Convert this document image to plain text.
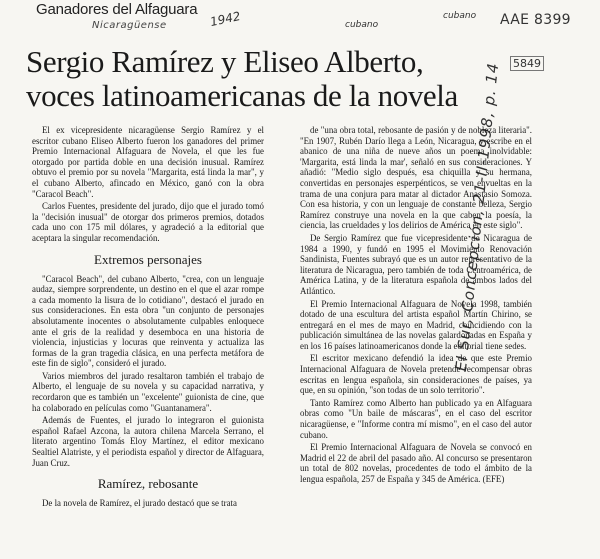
Ganadores del Alfaguara
Nicaragüense	1942	cubano
cubano AAE 8399
5849
El Sur, Concepción, 21-II-1998, p. 14
Sergio Ramírez y Eliseo Alberto,
voces latinoamericanas de la novela

El ex vicepresidente nicaragüense Sergio Ramírez y el escritor cubano Eliseo Alberto fueron los ganadores del primer Premio Internacional Alfaguara de Novela, el que les fue otorgado por partida doble en una decisión inusual. Ramírez obtuvo el premio por su novela "Margarita, está linda la mar", y el cubano Alberto, afincado en México, ganó con la obra "Caracol Beach".

Carlos Fuentes, presidente del jurado, dijo que el jurado tomó la "decisión inusual" de otorgar dos primeros premios, dotados cada uno con 175 mil dólares, y agradeció a la editorial que aceptara la singular recomendación.

Extremos personajes

"Caracol Beach", del cubano Alberto, "crea, con un lenguaje audaz, siempre sorprendente, un destino en el que el azar rompe a cada momento la lisura de lo cotidiano", destacó el jurado en sus consideraciones. En esta obra "un conjunto de personajes absolutamente inocentes o absolutamente culpables enloquece ante el gris de la realidad y desemboca en una historia de violencia, injusticias y locuras que reinventa y actualiza las formas de la gran tragedia clásica, en una perfecta metáfora de este fin de siglo", consideró el jurado.

Varios miembros del jurado resaltaron también el trabajo de Alberto, el lenguaje de su novela y su capacidad narrativa, y recordaron que es también un "excelente" guionista de cine, que ha colaborado en películas como "Guantanamera".

Además de Fuentes, el jurado lo integraron el guionista español Rafael Azcona, la autora chilena Marcela Serrano, el literato argentino Tomás Eloy Martínez, el editor mexicano Sealtiel Alatriste, y el periodista español y director de Alfaguara, Juan Cruz.

Ramírez, rebosante

De la novela de Ramírez, el jurado destacó que se trata

de "una obra total, rebosante de pasión y de nobleza literaria". "En 1907, Rubén Darío llega a León, Nicaragua, y escribe en el abanico de una niña de nueve años un poema inolvidable: 'Margarita, está linda la mar', señaló en sus consideraciones. Y añadió: "Medio siglo después, esa chiquilla y su hermana, convertidas en personajes esperpénticos, se ven envueltas en la trama de una conjura para matar al dictador Anastasio Somoza. Con esa historia, y con un lenguaje de constante belleza, Sergio Ramírez construye una novela en la que caben la poesía, la ciencia, las crueldades y los delirios de América en este siglo".

De Sergio Ramírez que fue vicepresidente de Nicaragua de 1984 a 1990, y fundó en 1995 el Movimiento Renovación Sandinista, Fuentes subrayó que es un autor representativo de la literatura de Nicaragua, pero también de toda Centroamérica, de América Latina, y de la literatura española de ambos lados del Atlántico.

El Premio Internacional Alfaguara de Novela 1998, también dotado de una escultura del artista español Martín Chirino, se entregará en el mes de mayo en Madrid, coincidiendo con la publicación simultánea de las novelas galardonadas en España y en los 16 países latinoamericanos donde la editorial tiene sedes.

El escritor mexicano defendió la idea de que este Premio Internacional Alfaguara de Novela pretende recompensar obras escritas en lengua española, sin consideraciones de países, ya que, en su opinión, "son todas de un solo territorio".

Tanto Ramírez como Alberto han publicado ya en Alfaguara obras como "Un baile de máscaras", en el caso del escritor nicaragüense, e "Informe contra mí mismo", en el caso del autor cubano.

El Premio Internacional Alfaguara de Novela se convocó en Madrid el 22 de abril del pasado año. Al concurso se presentaron un total de 802 novelas, procedentes de todo el ámbito de la lengua española, 257 de España y 345 de América. (EFE)
